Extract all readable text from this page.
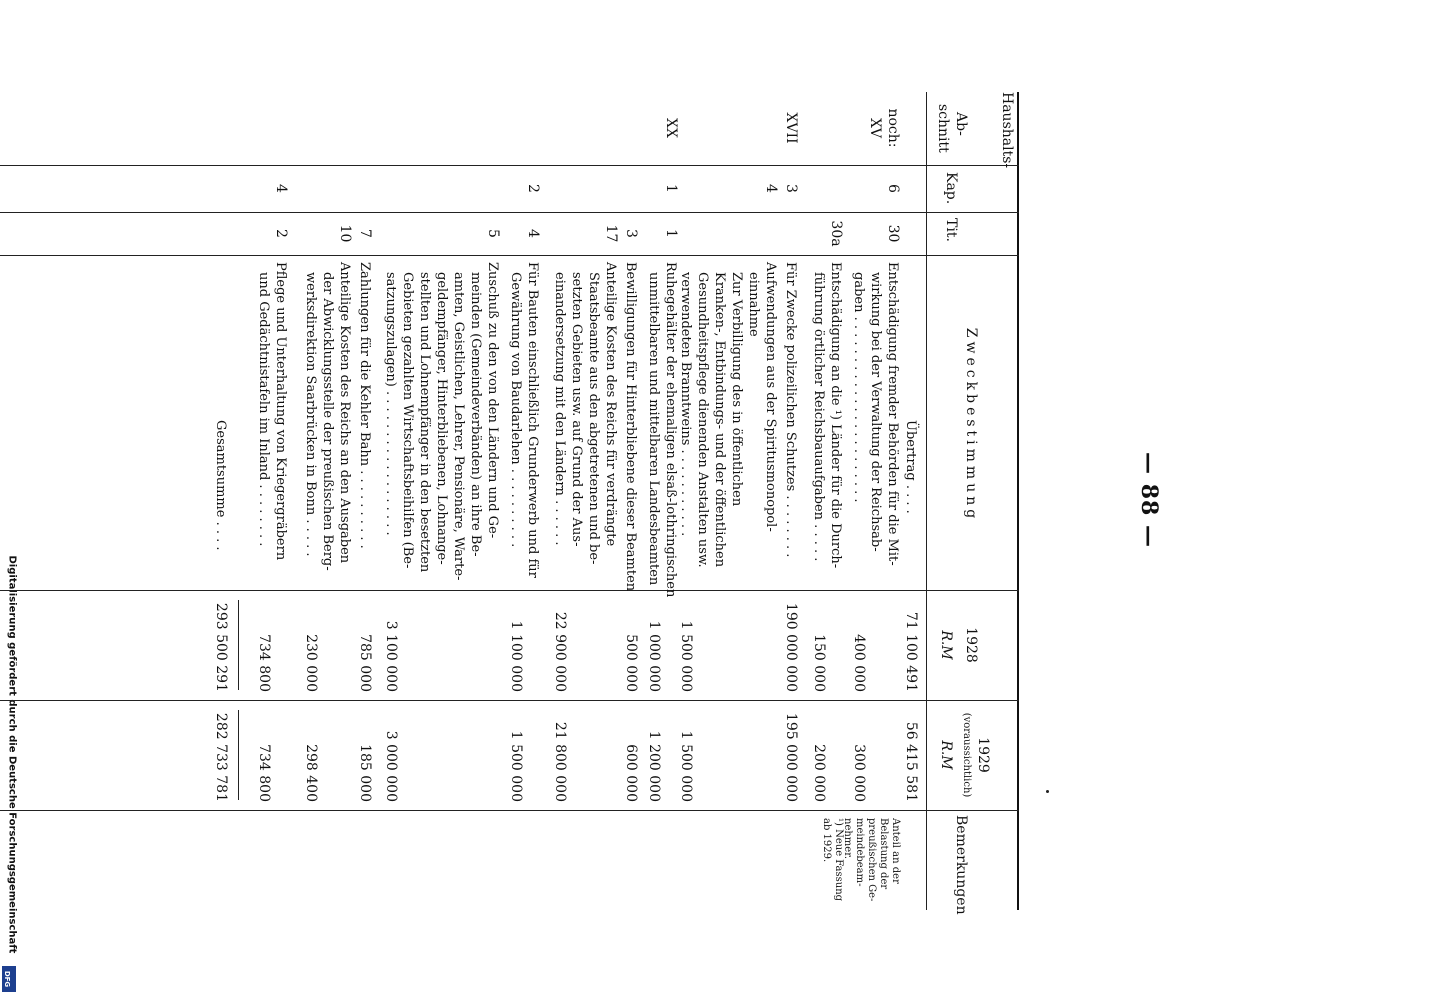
Digitalisierung gefördert durch die Deutsche Forschungsgemeinschaft
DFG
— 88 —
Haushalts-
Ab-
schnitt
Kap.
Tit.
Zweckbestimmung
1928
R.M
1929
(voraussichtlich)
R.M
Bemerkungen
Übertrag . . . .
71 100 491
56 415 581
noch:
XV
6
30
Entschädigung fremder Behörden für die Mit-
wirkung bei der Verwaltung der Reichsab-
gaben . . . . . . . . . . . . . . . . . . . . . . .
400 000
300 000
30a
Entschädigung an die ¹) Länder für die Durch-
führung örtlicher Reichsbauaufgaben . . . . .
150 000
200 000
XVII
3
Für Zwecke polizeilichen Schutzes . . . . . . . .
190 000 000
195 000 000
4
Aufwendungen aus der Spiritusmonopol-
einnahme
Zur Verbilligung des in öffentlichen
Kranken-, Entbindungs- und der öffentlichen
Gesundheitspflege dienenden Anstalten usw.
verwendeten Branntweins . . . . . . . . . . .
1 500 000
1 500 000
XX
1
1
Ruhegehälter der ehemaligen elsaß-lothringischen
unmittelbaren und mittelbaren Landesbeamten
1 000 000
1 200 000
3
Bewilligungen für Hinterbliebene dieser Beamten
500 000
600 000
17
Anteilige Kosten des Reichs für verdrängte
Staatsbeamte aus den abgetretenen und be-
setzten Gebieten usw. auf Grund der Aus-
einandersetzung mit den Ländern . . . . . .
22 900 000
21 800 000
2
4
Für Bauten einschließlich Grunderwerb und für
Gewährung von Baudarlehen . . . . . . . . . .
1 100 000
1 500 000
5
Zuschuß zu den von den Ländern und Ge-
meinden (Gemeindeverbänden) an ihre Be-
amten, Geistlichen, Lehrer, Pensionäre, Warte-
geldempfänger, Hinterbliebenen, Lohnange-
stellten und Lohnempfänger in den besetzten
Gebieten gezahlten Wirtschaftsbeihilfen (Be-
satzungszulagen) . . . . . . . . . . . . . . . . . .
3 100 000
3 000 000
7
Zahlungen für die Kehler Bahn . . . . . . . . . .
785 000
185 000
10
Anteilige Kosten des Reichs an den Ausgaben
der Abwicklungsstelle der preußischen Berg-
werksdirektion Saarbrücken in Bonn . . . . .
230 000
298 400
4
2
Pflege und Unterhaltung von Kriegergräbern
und Gedächtnistafeln im Inland . . . . . . . .
734 800
734 800
Gesamtsumme . . . .
293 500 291
282 733 781
Anteil an der
Belastung der
preußischen Ge-
meindebeam-
nehmer.
¹) Neue Fassung
ab 1929.
